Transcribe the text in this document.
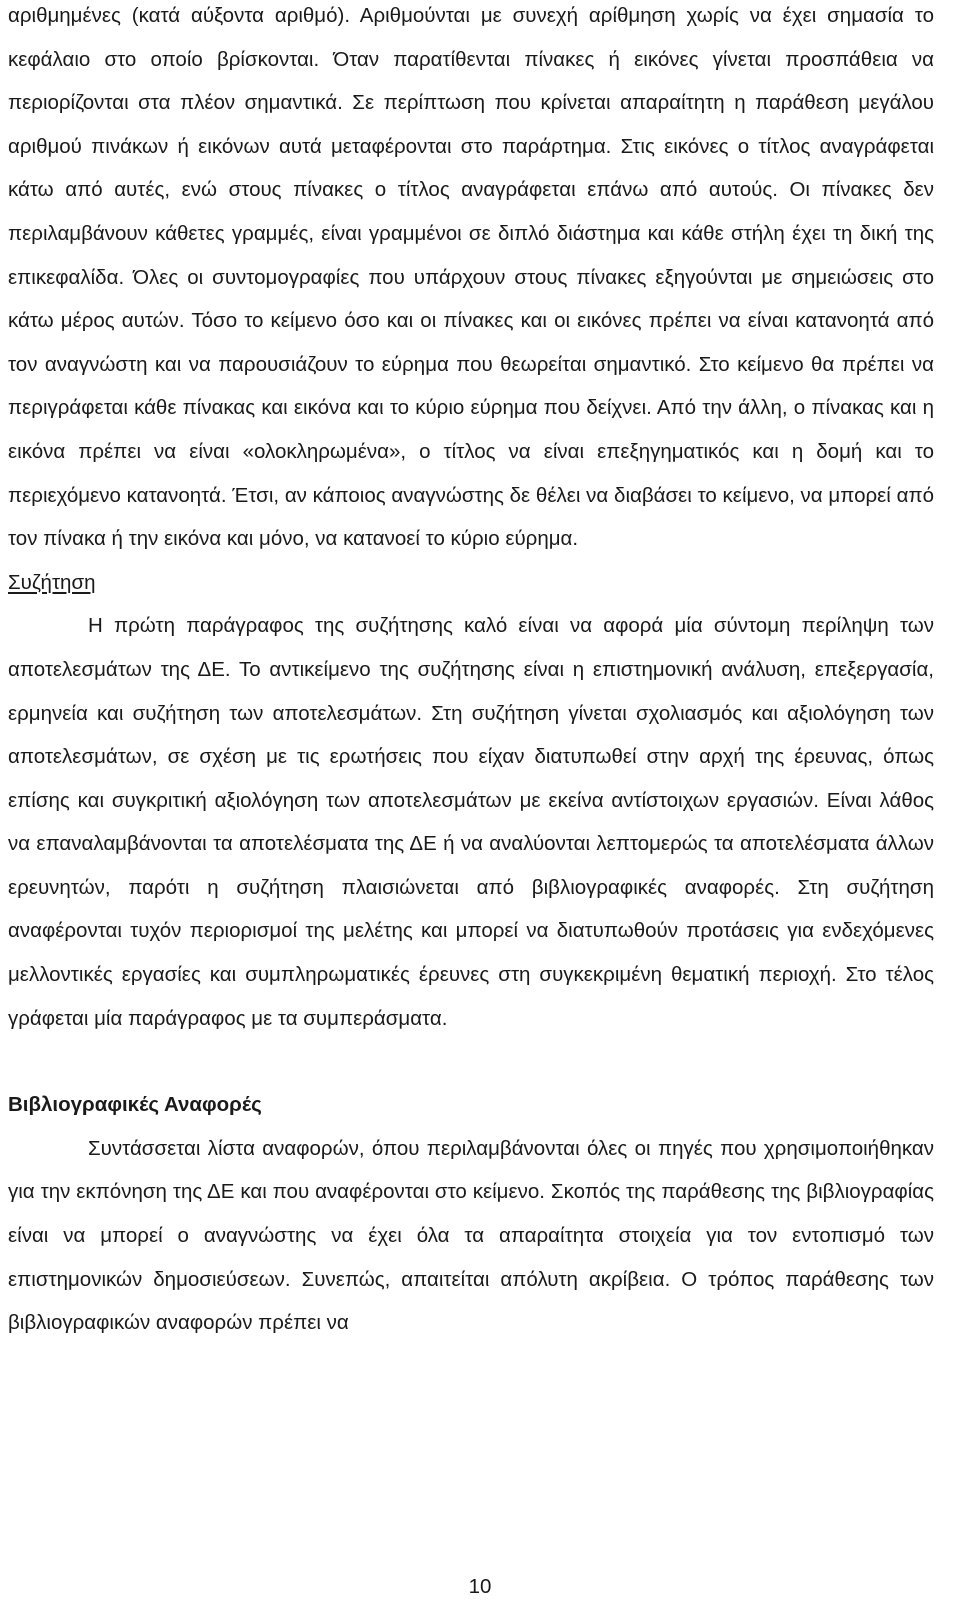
αριθμημένες (κατά αύξοντα αριθμό). Αριθμούνται με συνεχή αρίθμηση χωρίς να έχει σημασία το κεφάλαιο στο οποίο βρίσκονται. Όταν παρατίθενται πίνακες ή εικόνες γίνεται προσπάθεια να περιορίζονται στα πλέον σημαντικά. Σε περίπτωση που κρίνεται απαραίτητη η παράθεση μεγάλου αριθμού πινάκων ή εικόνων αυτά μεταφέρονται στο παράρτημα. Στις εικόνες ο τίτλος αναγράφεται κάτω από αυτές, ενώ στους πίνακες ο τίτλος αναγράφεται επάνω από αυτούς. Οι πίνακες δεν περιλαμβάνουν κάθετες γραμμές, είναι γραμμένοι σε διπλό διάστημα και κάθε στήλη έχει τη δική της επικεφαλίδα. Όλες οι συντομογραφίες που υπάρχουν στους πίνακες εξηγούνται με σημειώσεις στο κάτω μέρος αυτών. Τόσο το κείμενο όσο και οι πίνακες και οι εικόνες πρέπει να είναι κατανοητά από τον αναγνώστη και να παρουσιάζουν το εύρημα που θεωρείται σημαντικό. Στο κείμενο θα πρέπει να περιγράφεται κάθε πίνακας και εικόνα και το κύριο εύρημα που δείχνει. Από την άλλη, ο πίνακας και η εικόνα πρέπει να είναι «ολοκληρωμένα», ο τίτλος να είναι επεξηγηματικός και η δομή και το περιεχόμενο κατανοητά. Έτσι, αν κάποιος αναγνώστης δε θέλει να διαβάσει το κείμενο, να μπορεί από τον πίνακα ή την εικόνα και μόνο, να κατανοεί το κύριο εύρημα.

Συζήτηση

Η πρώτη παράγραφος της συζήτησης καλό είναι να αφορά μία σύντομη περίληψη των αποτελεσμάτων της ΔΕ. Το αντικείμενο της συζήτησης είναι η επιστημονική ανάλυση, επεξεργασία, ερμηνεία και συζήτηση των αποτελεσμάτων. Στη συζήτηση γίνεται σχολιασμός και αξιολόγηση των αποτελεσμάτων, σε σχέση με τις ερωτήσεις που είχαν διατυπωθεί στην αρχή της έρευνας, όπως επίσης και συγκριτική αξιολόγηση των αποτελεσμάτων με εκείνα αντίστοιχων εργασιών. Είναι λάθος να επαναλαμβάνονται τα αποτελέσματα της ΔΕ ή να αναλύονται λεπτομερώς τα αποτελέσματα άλλων ερευνητών, παρότι η συζήτηση πλαισιώνεται από βιβλιογραφικές αναφορές. Στη συζήτηση αναφέρονται τυχόν περιορισμοί της μελέτης και μπορεί να διατυπωθούν προτάσεις για ενδεχόμενες μελλοντικές εργασίες και συμπληρωματικές έρευνες στη συγκεκριμένη θεματική περιοχή. Στο τέλος γράφεται μία παράγραφος με τα συμπεράσματα.

Βιβλιογραφικές Αναφορές

Συντάσσεται λίστα αναφορών, όπου περιλαμβάνονται όλες οι πηγές που χρησιμοποιήθηκαν για την εκπόνηση της ΔΕ και που αναφέρονται στο κείμενο. Σκοπός της παράθεσης της βιβλιογραφίας είναι να μπορεί ο αναγνώστης να έχει όλα τα απαραίτητα στοιχεία για τον εντοπισμό των επιστημονικών δημοσιεύσεων. Συνεπώς, απαιτείται απόλυτη ακρίβεια. Ο τρόπος παράθεσης των βιβλιογραφικών αναφορών πρέπει να

10
